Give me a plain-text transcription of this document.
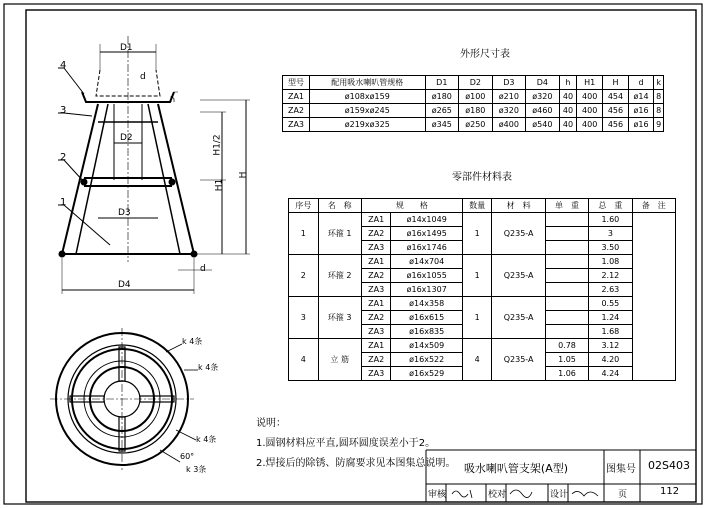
D1
d
h
D2
D3
D4
d
H1/2
H1
H
4
3
2
1
k 4条
k 4条
k 4条
60°
k 3条
外形尺寸表
型号	配用吸水喇叭管规格	D1	D2	D3	D4	h	H1	H	d	k
ZA1	ø108xø159	ø180	ø100	ø210	ø320	40	400	454	ø14	8
ZA2	ø159xø245	ø265	ø180	ø320	ø460	40	400	456	ø16	8
ZA3	ø219xø325	ø345	ø250	ø400	ø540	40	400	456	ø16	9
零部件材料表
序号	名　称	规　　格		数量	材　料	单　重	总　重	备　注
1	环箍 1	ZA1	ø14x1049	1	Q235-A		1.60	
		ZA2	ø16x1495				3	
		ZA3	ø16x1746				3.50	
2	环箍 2	ZA1	ø14x704	1	Q235-A		1.08	
		ZA2	ø16x1055				2.12	
		ZA3	ø16x1307				2.63	
3	环箍 3	ZA1	ø14x358	1	Q235-A		0.55	
		ZA2	ø16x615				1.24	
		ZA3	ø16x835				1.68	
4	立 筋	ZA1	ø14x509	4	Q235-A	0.78	3.12	
		ZA2	ø16x522			1.05	4.20	
		ZA3	ø16x529			1.06	4.24	
说明：
1.圆钢材料应平直,圆环圆度误差小于2。
2.焊接后的除锈、防腐要求见本图集总说明。 吸水喇叭管支架(A型)	图集号 02S403
审核	校对	设计	页	112
